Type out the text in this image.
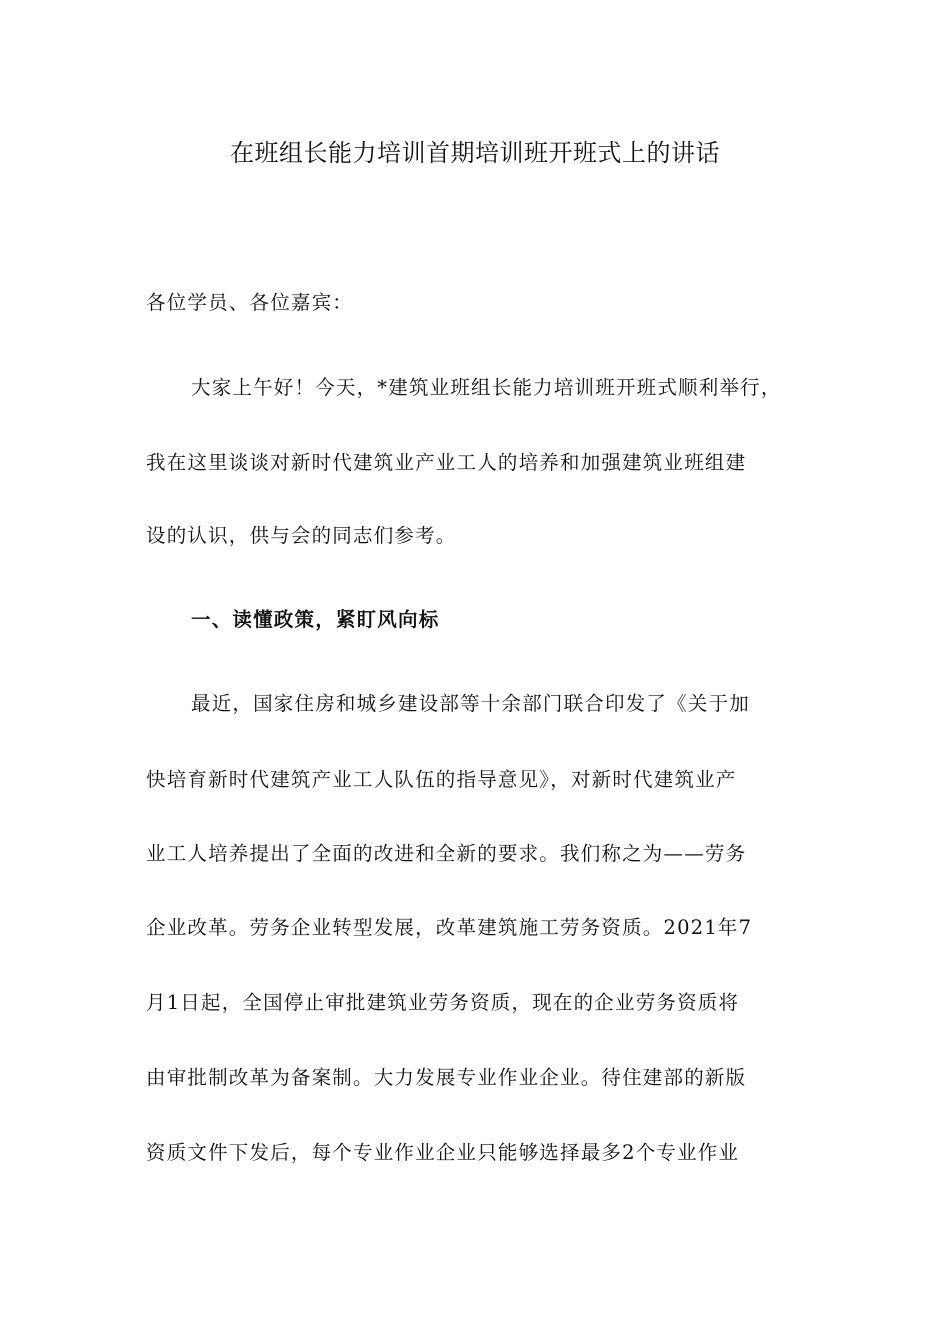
在班组长能力培训首期培训班开班式上的讲话
各位学员、各位嘉宾：
大家上午好！今天，*建筑业班组长能力培训班开班式顺利举行，
我在这里谈谈对新时代建筑业产业工人的培养和加强建筑业班组建
设的认识，供与会的同志们参考。
一、读懂政策，紧盯风向标
最近，国家住房和城乡建设部等十余部门联合印发了《关于加
快培育新时代建筑产业工人队伍的指导意见》，对新时代建筑业产
业工人培养提出了全面的改进和全新的要求。我们称之为——劳务
企业改革。劳务企业转型发展，改革建筑施工劳务资质。2021年7
月1日起，全国停止审批建筑业劳务资质，现在的企业劳务资质将
由审批制改革为备案制。大力发展专业作业企业。待住建部的新版
资质文件下发后，每个专业作业企业只能够选择最多2个专业作业
